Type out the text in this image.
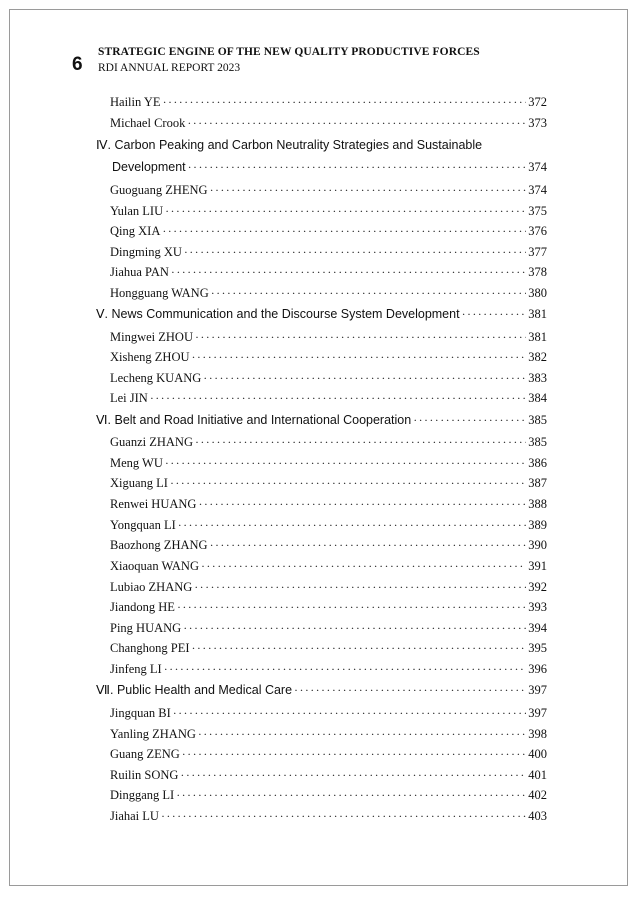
6
STRATEGIC ENGINE OF THE NEW QUALITY PRODUCTIVE FORCES
RDI ANNUAL REPORT 2023
Hailin YE ·····	372
Michael Crook ·····	373
Ⅳ. Carbon Peaking and Carbon Neutrality Strategies and Sustainable
Development ·····	374
Guoguang ZHENG ·····	374
Yulan LIU ·····	375
Qing XIA ·····	376
Dingming XU ·····	377
Jiahua PAN ·····	378
Hongguang WANG ·····	380
Ⅴ. News Communication and the Discourse System Development ·····	381
Mingwei ZHOU ·····	381
Xisheng ZHOU ·····	382
Lecheng KUANG ·····	383
Lei JIN ·····	384
Ⅵ. Belt and Road Initiative and International Cooperation ·····	385
Guanzi ZHANG ·····	385
Meng WU ·····	386
Xiguang LI ·····	387
Renwei HUANG ·····	388
Yongquan LI ·····	389
Baozhong ZHANG ·····	390
Xiaoquan WANG ·····	391
Lubiao ZHANG ·····	392
Jiandong HE ·····	393
Ping HUANG ·····	394
Changhong PEI ·····	395
Jinfeng LI ·····	396
Ⅶ. Public Health and Medical Care ·····	397
Jingquan BI ·····	397
Yanling ZHANG ·····	398
Guang ZENG ·····	400
Ruilin SONG ·····	401
Dinggang LI ·····	402
Jiahai LU ·····	403
